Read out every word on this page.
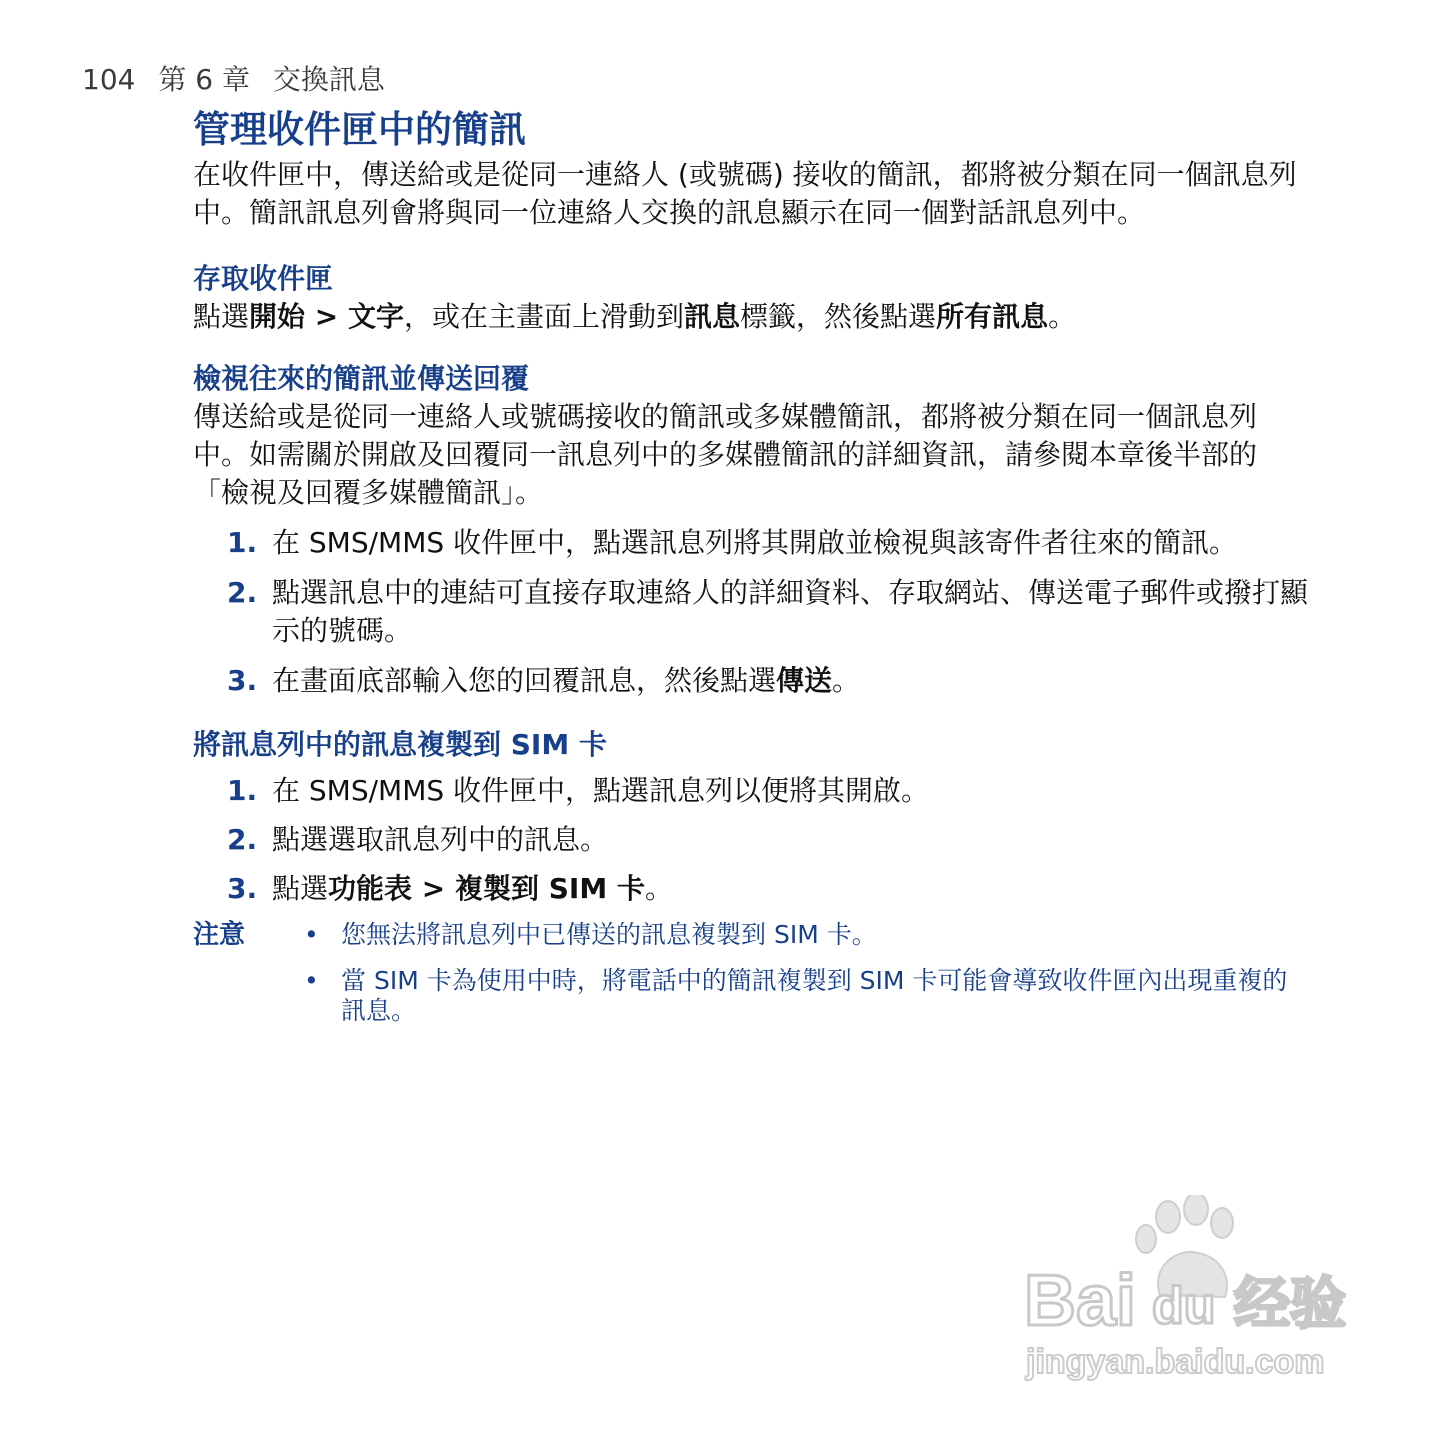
104 第 6 章 交換訊息
管理收件匣中的簡訊

在收件匣中，傳送給或是從同一連絡人 (或號碼) 接收的簡訊，都將被分類在同一個訊息列中。簡訊訊息列會將與同一位連絡人交換的訊息顯示在同一個對話訊息列中。

存取收件匣

點選開始 > 文字，或在主畫面上滑動到訊息標籤，然後點選所有訊息。

檢視往來的簡訊並傳送回覆

傳送給或是從同一連絡人或號碼接收的簡訊或多媒體簡訊，都將被分類在同一個訊息列中。如需關於開啟及回覆同一訊息列中的多媒體簡訊的詳細資訊，請參閱本章後半部的「檢視及回覆多媒體簡訊」。

1. 在 SMS/MMS 收件匣中，點選訊息列將其開啟並檢視與該寄件者往來的簡訊。
2. 點選訊息中的連結可直接存取連絡人的詳細資料、存取網站、傳送電子郵件或撥打顯示的號碼。
3. 在畫面底部輸入您的回覆訊息，然後點選傳送。
將訊息列中的訊息複製到 SIM 卡
1. 在 SMS/MMS 收件匣中，點選訊息列以便將其開啟。
2. 點選選取訊息列中的訊息。
3. 點選功能表 > 複製到 SIM 卡。
注意 • 您無法將訊息列中已傳送的訊息複製到 SIM 卡。
• 當 SIM 卡為使用中時，將電話中的簡訊複製到 SIM 卡可能會導致收件匣內出現重複的訊息。
Bai du 经验
jingyan.baidu.com
